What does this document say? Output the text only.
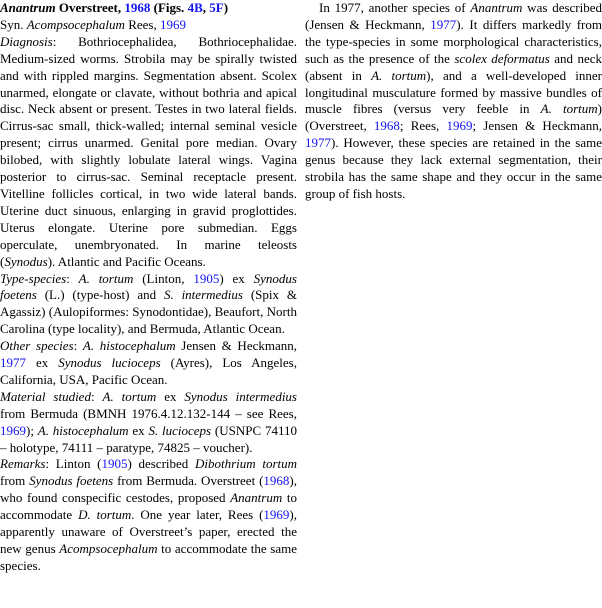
Anantrum Overstreet, 1968 (Figs. 4B, 5F)

Syn. Acompsocephalum Rees, 1969

Diagnosis: Bothriocephalidea, Bothriocephalidae. Medium-sized worms. Strobila may be spirally twisted and with rippled margins. Segmentation absent. Scolex unarmed, elongate or clavate, without bothria and apical disc. Neck absent or present. Testes in two lateral fields. Cirrus-sac small, thick-walled; internal seminal vesicle present; cirrus unarmed. Genital pore median. Ovary bilobed, with slightly lobulate lateral wings. Vagina posterior to cirrus-sac. Seminal receptacle present. Vitelline follicles cortical, in two wide lateral bands. Uterine duct sinuous, enlarging in gravid proglottides. Uterus elongate. Uterine pore submedian. Eggs operculate, unembryonated. In marine teleosts (Synodus). Atlantic and Pacific Oceans.

Type-species: A. tortum (Linton, 1905) ex Synodus foetens (L.) (type-host) and S. intermedius (Spix & Agassiz) (Aulopiformes: Synodontidae), Beaufort, North Carolina (type locality), and Bermuda, Atlantic Ocean.

Other species: A. histocephalum Jensen & Heckmann, 1977 ex Synodus lucioceps (Ayres), Los Angeles, California, USA, Pacific Ocean.

Material studied: A. tortum ex Synodus intermedius from Bermuda (BMNH 1976.4.12.132-144 – see Rees, 1969); A. histocephalum ex S. lucioceps (USNPC 74110 – holotype, 74111 – paratype, 74825 – voucher).

Remarks: Linton (1905) described Dibothrium tortum from Synodus foetens from Bermuda. Overstreet (1968), who found conspecific cestodes, proposed Anantrum to accommodate D. tortum. One year later, Rees (1969), apparently unaware of Overstreet’s paper, erected the new genus Acompsocephalum to accommodate the same species.

In 1977, another species of Anantrum was described (Jensen & Heckmann, 1977). It differs markedly from the type-species in some morphological characteristics, such as the presence of the scolex deformatus and neck (absent in A. tortum), and a well-developed inner longitudinal musculature formed by massive bundles of muscle fibres (versus very feeble in A. tortum) (Overstreet, 1968; Rees, 1969; Jensen & Heckmann, 1977). However, these species are retained in the same genus because they lack external segmentation, their strobila has the same shape and they occur in the same group of fish hosts.
